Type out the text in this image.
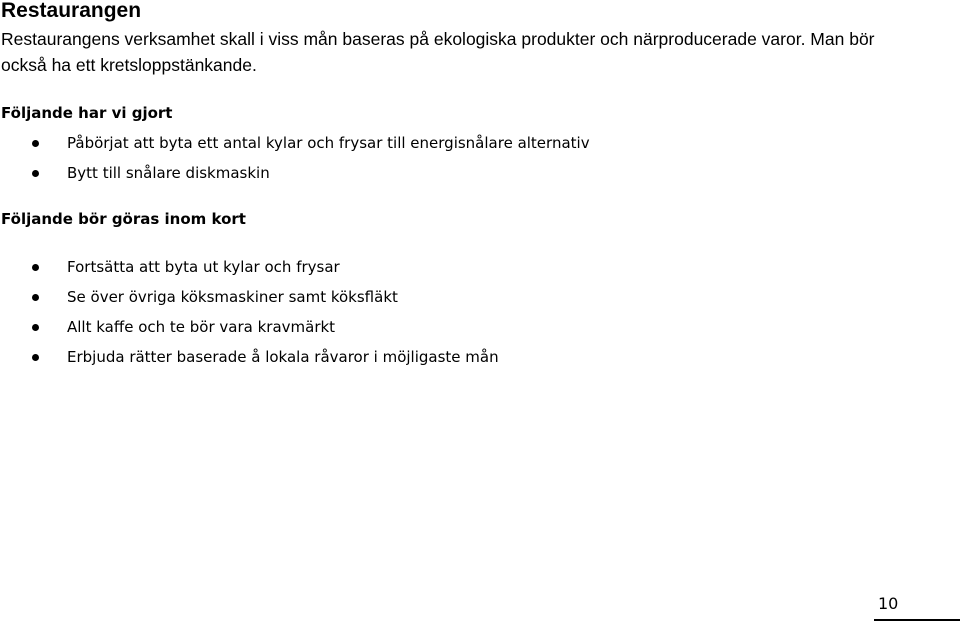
Restaurangen

Restaurangens verksamhet skall i viss mån baseras på ekologiska produkter och närproducerade varor. Man bör också ha ett kretsloppstänkande.

Följande har vi gjort
Påbörjat att byta ett antal kylar och frysar till energisnålare alternativ
Bytt till snålare diskmaskin
Följande bör göras inom kort
Fortsätta att byta ut kylar och frysar
Se över övriga köksmaskiner samt köksfläkt
Allt kaffe och te bör vara kravmärkt
Erbjuda rätter baserade å lokala råvaror i möjligaste mån
10
